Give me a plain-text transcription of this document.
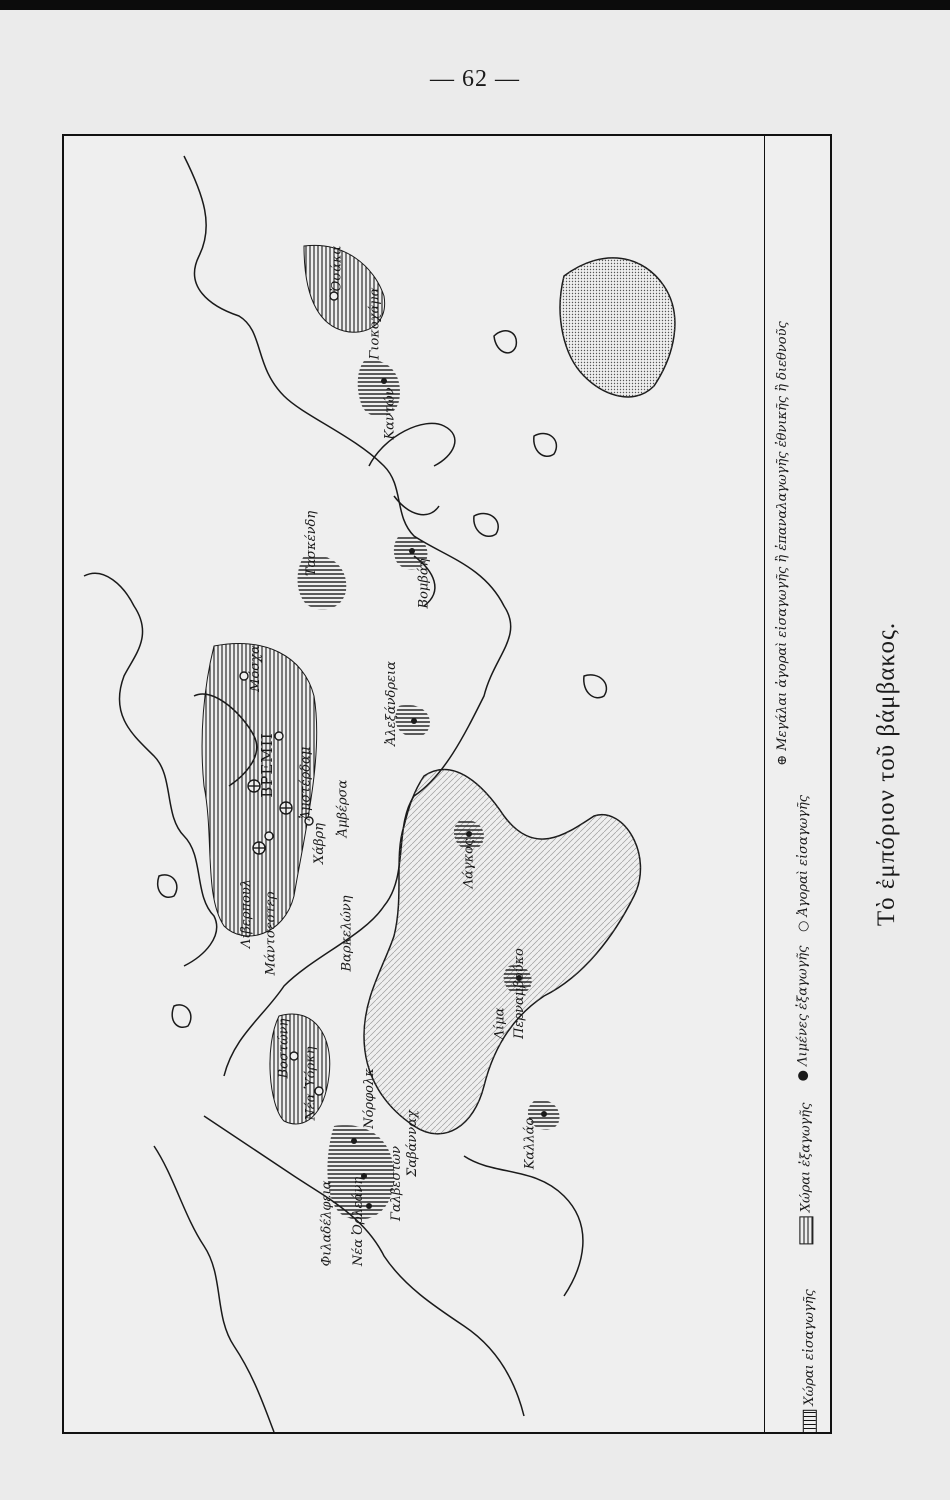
— 62 —
Νέα Ὀρλεάνη Γαλβεστων
Σαβάνναχ
Φιλαδέλφεια
Βοστώνη Νέα Ὑόρκη	Νόρφολκ
Λίβερπουλ Μάντσεστερ
ΒΡΕΜΗ Ἀμστέρδαμ
Χάβρη
Ἀμβέρσα
Μόσχα
Βαρκελώνη
Ἀλεξάνδρεια
Τασκένδη
Βομβάη
Ὀσάκα
Γιοκοχάμα
Καντών
Λάγκος
Περναμβούκο
Καλλάο
Λίμα
Χώραι εἰσαγωγῆς
Χώραι ἐξαγωγῆς
● Λιμένες ἐξαγωγῆς
○ Ἀγοραὶ εἰσαγωγῆς
⊕ Μεγάλαι ἀγοραὶ εἰσαγωγῆς ἢ ἐπαναλαγωγῆς ἐθνικῆς ἢ διεθνοῦς
Τὸ ἐμπόριον τοῦ βάμβακος.
